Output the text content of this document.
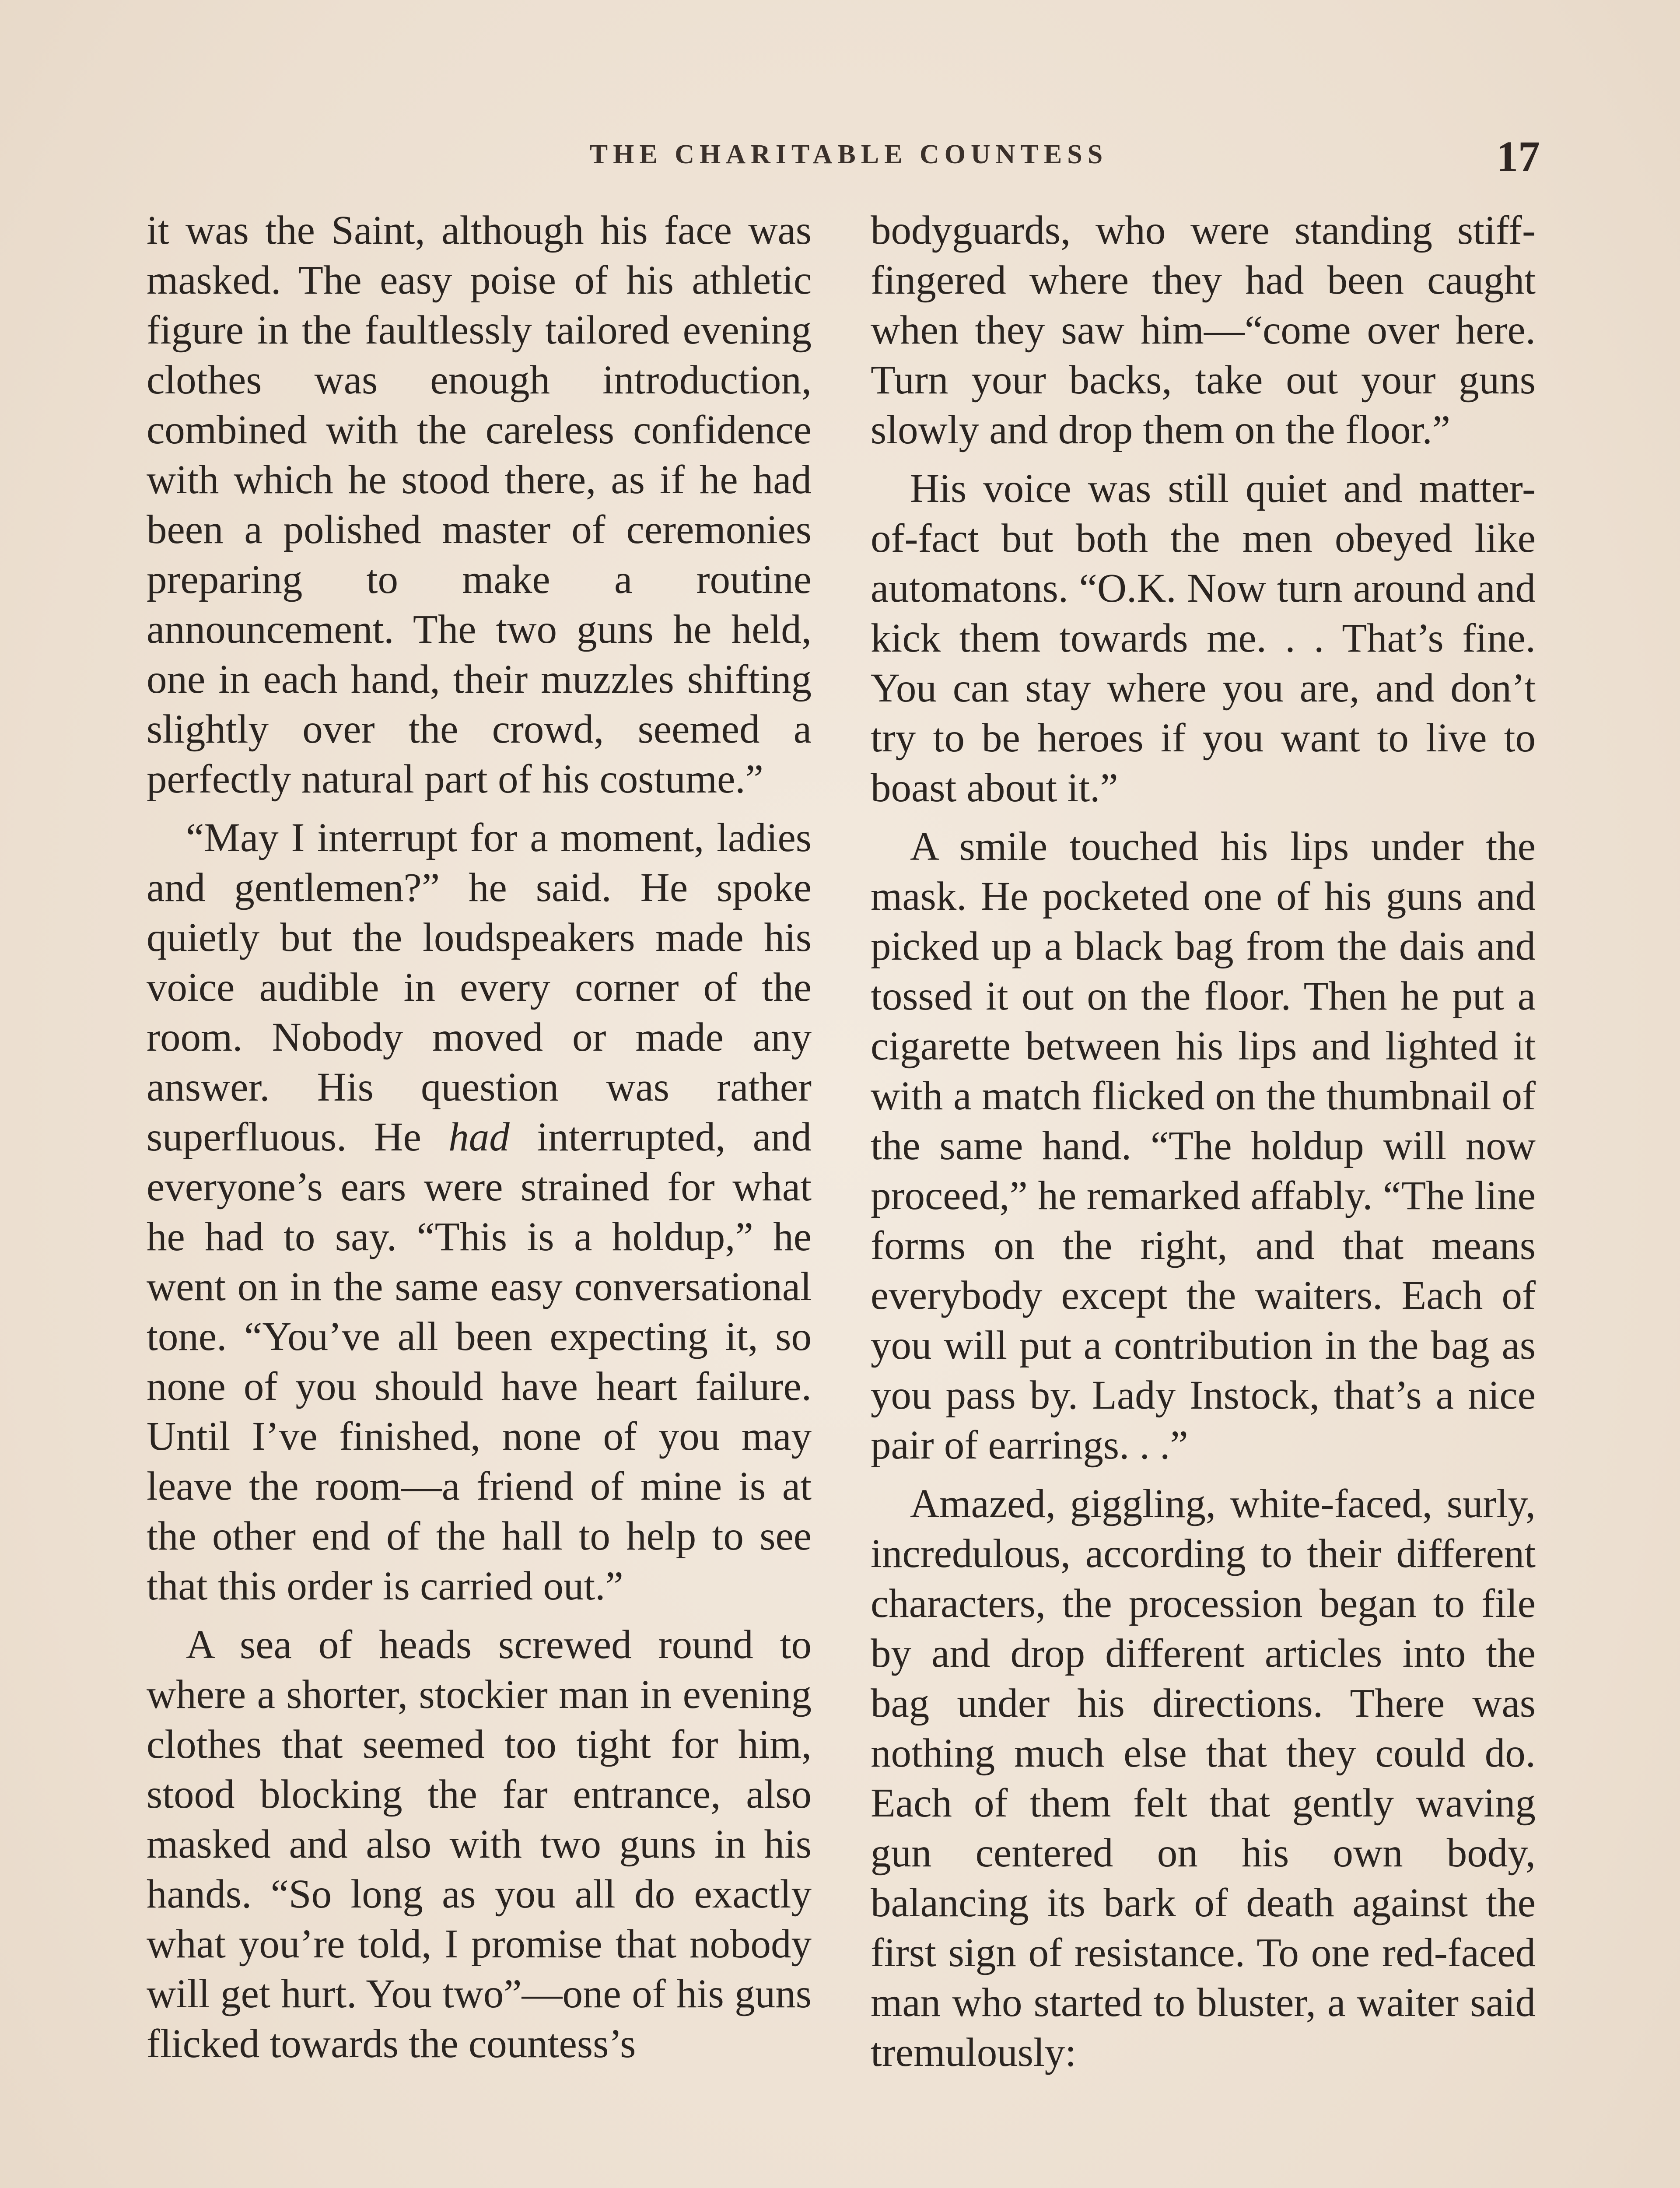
THE CHARITABLE COUNTESS	17

it was the Saint, although his face was masked. The easy poise of his athletic figure in the faultlessly tailored evening clothes was enough introduction, combined with the careless confidence with which he stood there, as if he had been a polished master of ceremonies preparing to make a routine announcement. The two guns he held, one in each hand, their muzzles shifting slightly over the crowd, seemed a perfectly natural part of his costume.”

“May I interrupt for a moment, ladies and gentlemen?” he said. He spoke quietly but the loudspeakers made his voice audible in every corner of the room. Nobody moved or made any answer. His question was rather superfluous. He had interrupted, and everyone’s ears were strained for what he had to say. “This is a holdup,” he went on in the same easy conversational tone. “You’ve all been expecting it, so none of you should have heart failure. Until I’ve finished, none of you may leave the room—a friend of mine is at the other end of the hall to help to see that this order is carried out.”

A sea of heads screwed round to where a shorter, stockier man in evening clothes that seemed too tight for him, stood blocking the far entrance, also masked and also with two guns in his hands. “So long as you all do exactly what you’re told, I promise that nobody will get hurt. You two”—one of his guns flicked towards the countess’s

bodyguards, who were standing stiff-fingered where they had been caught when they saw him—“come over here. Turn your backs, take out your guns slowly and drop them on the floor.”

His voice was still quiet and matter-of-fact but both the men obeyed like automatons. “O.K. Now turn around and kick them towards me. . . That’s fine. You can stay where you are, and don’t try to be heroes if you want to live to boast about it.”

A smile touched his lips under the mask. He pocketed one of his guns and picked up a black bag from the dais and tossed it out on the floor. Then he put a cigarette between his lips and lighted it with a match flicked on the thumbnail of the same hand. “The holdup will now proceed,” he remarked affably. “The line forms on the right, and that means everybody except the waiters. Each of you will put a contribution in the bag as you pass by. Lady Instock, that’s a nice pair of earrings. . .”

Amazed, giggling, white-faced, surly, incredulous, according to their different characters, the procession began to file by and drop different articles into the bag under his directions. There was nothing much else that they could do. Each of them felt that gently waving gun centered on his own body, balancing its bark of death against the first sign of resistance. To one red-faced man who started to bluster, a waiter said tremulously:
